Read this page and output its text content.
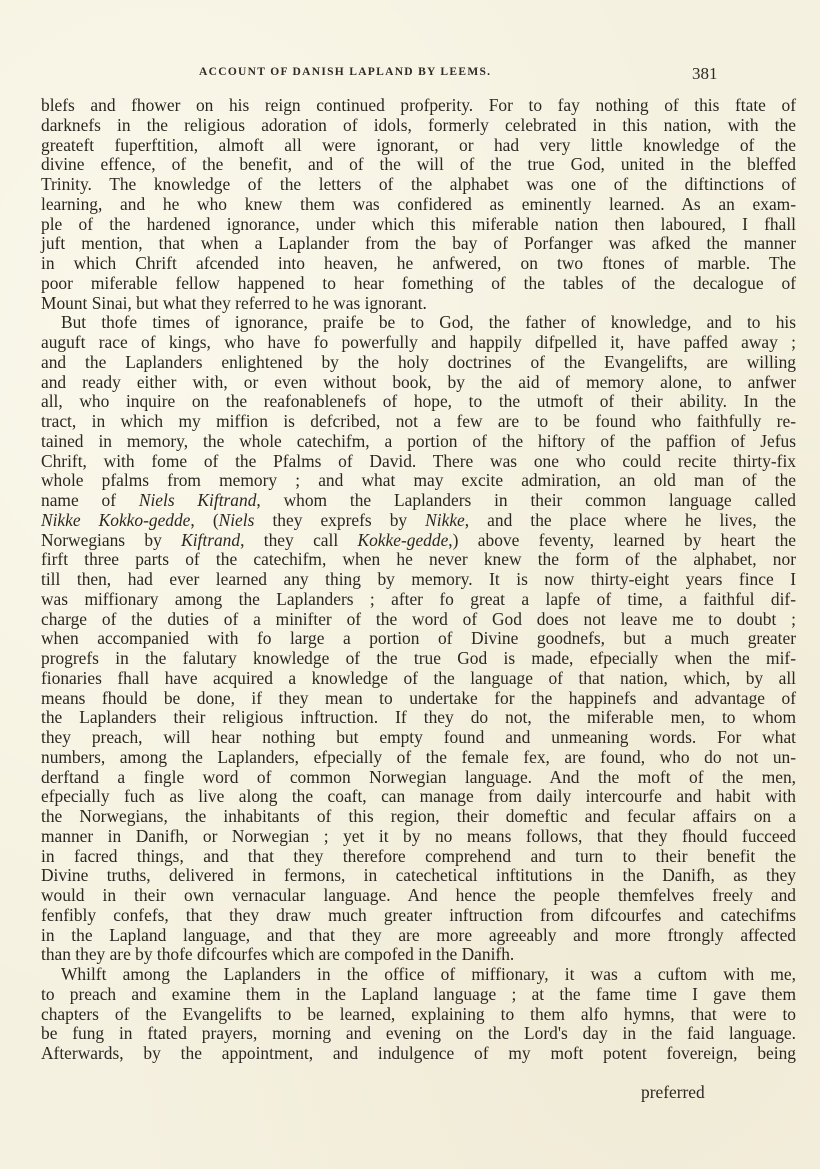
ACCOUNT OF DANISH LAPLAND BY LEEMS.	381

blefs and fhower on his reign continued profperity. For to fay nothing of this ftate of
darknefs in the religious adoration of idols, formerly celebrated in this nation, with the
greateft fuperftition, almoft all were ignorant, or had very little knowledge of the
divine effence, of the benefit, and of the will of the true God, united in the bleffed
Trinity. The knowledge of the letters of the alphabet was one of the diftinctions of
learning, and he who knew them was confidered as eminently learned. As an exam-
ple of the hardened ignorance, under which this miferable nation then laboured, I fhall
juft mention, that when a Laplander from the bay of Porfanger was afked the manner
in which Chrift afcended into heaven, he anfwered, on two ftones of marble. The
poor miferable fellow happened to hear fomething of the tables of the decalogue of
Mount Sinai, but what they referred to he was ignorant.

But thofe times of ignorance, praife be to God, the father of knowledge, and to his
auguft race of kings, who have fo powerfully and happily difpelled it, have paffed away ;
and the Laplanders enlightened by the holy doctrines of the Evangelifts, are willing
and ready either with, or even without book, by the aid of memory alone, to anfwer
all, who inquire on the reafonablenefs of hope, to the utmoft of their ability. In the
tract, in which my miffion is defcribed, not a few are to be found who faithfully re-
tained in memory, the whole catechifm, a portion of the hiftory of the paffion of Jefus
Chrift, with fome of the Pfalms of David. There was one who could recite thirty-fix
whole pfalms from memory ; and what may excite admiration, an old man of the
name of Niels Kiftrand, whom the Laplanders in their common language called
Nikke Kokko-gedde, (Niels they exprefs by Nikke, and the place where he lives, the
Norwegians by Kiftrand, they call Kokke-gedde,) above feventy, learned by heart the
firft three parts of the catechifm, when he never knew the form of the alphabet, nor
till then, had ever learned any thing by memory. It is now thirty-eight years fince I
was miffionary among the Laplanders ; after fo great a lapfe of time, a faithful dif-
charge of the duties of a minifter of the word of God does not leave me to doubt ;
when accompanied with fo large a portion of Divine goodnefs, but a much greater
progrefs in the falutary knowledge of the true God is made, efpecially when the mif-
fionaries fhall have acquired a knowledge of the language of that nation, which, by all
means fhould be done, if they mean to undertake for the happinefs and advantage of
the Laplanders their religious inftruction. If they do not, the miferable men, to whom
they preach, will hear nothing but empty found and unmeaning words. For what
numbers, among the Laplanders, efpecially of the female fex, are found, who do not un-
derftand a fingle word of common Norwegian language. And the moft of the men,
efpecially fuch as live along the coaft, can manage from daily intercourfe and habit with
the Norwegians, the inhabitants of this region, their domeftic and fecular affairs on a
manner in Danifh, or Norwegian ; yet it by no means follows, that they fhould fucceed
in facred things, and that they therefore comprehend and turn to their benefit the
Divine truths, delivered in fermons, in catechetical inftitutions in the Danifh, as they
would in their own vernacular language. And hence the people themfelves freely and
fenfibly confefs, that they draw much greater inftruction from difcourfes and catechifms
in the Lapland language, and that they are more agreeably and more ftrongly affected
than they are by thofe difcourfes which are compofed in the Danifh.

Whilft among the Laplanders in the office of miffionary, it was a cuftom with me,
to preach and examine them in the Lapland language ; at the fame time I gave them
chapters of the Evangelifts to be learned, explaining to them alfo hymns, that were to
be fung in ftated prayers, morning and evening on the Lord's day in the faid language.
Afterwards, by the appointment, and indulgence of my moft potent fovereign, being

preferred
